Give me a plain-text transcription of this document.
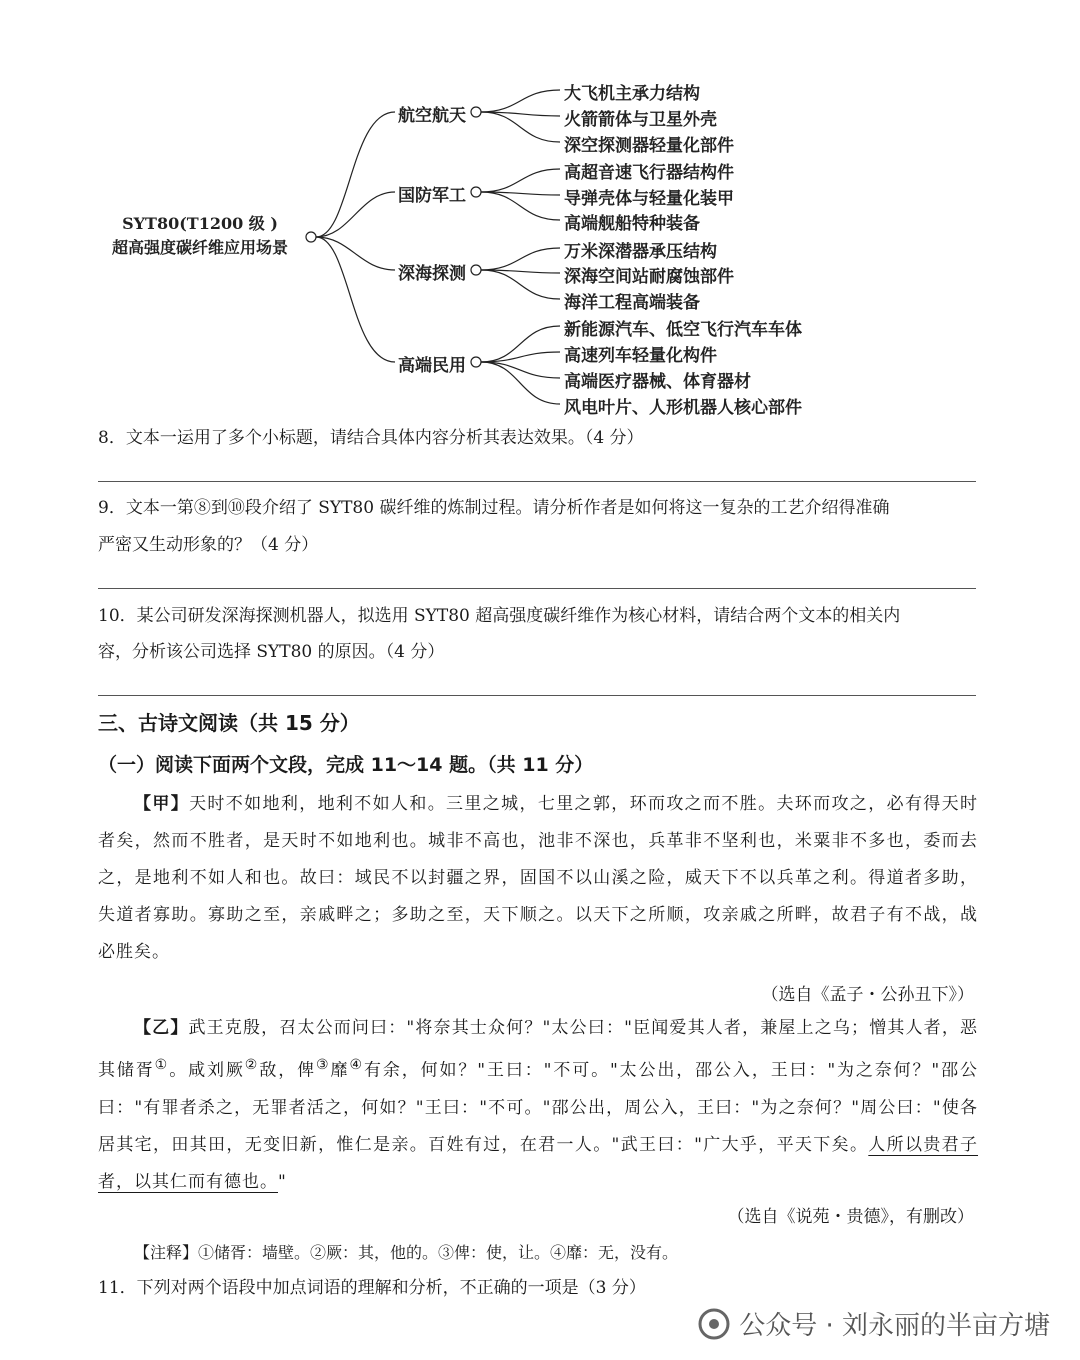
SYT80(T1200 级 )
超高强度碳纤维应用场景
航空航天
国防军工
深海探测
高端民用
大飞机主承力结构
火箭箭体与卫星外壳
深空探测器轻量化部件
高超音速飞行器结构件
导弹壳体与轻量化装甲
高端舰船特种装备
万米深潜器承压结构
深海空间站耐腐蚀部件
海洋工程高端装备
新能源汽车、低空飞行汽车车体
高速列车轻量化构件
高端医疗器械、体育器材
风电叶片、人形机器人核心部件
8．文本一运用了多个小标题，请结合具体内容分析其表达效果。（4 分）
9．文本一第⑧到⑩段介绍了 SYT80 碳纤维的炼制过程。请分析作者是如何将这一复杂的工艺介绍得准确
严密又生动形象的？（4 分）
10．某公司研发深海探测机器人，拟选用 SYT80 超高强度碳纤维作为核心材料，请结合两个文本的相关内
容，分析该公司选择 SYT80 的原因。（4 分）
三、古诗文阅读（共 15 分）
（一）阅读下面两个文段，完成 11～14 题。（共 11 分）

【甲】天时不如地利，地利不如人和。三里之城，七里之郭，环而攻之而不胜。夫环而攻之，必有得天时者矣，然而不胜者，是天时不如地利也。城非不高也，池非不深也，兵革非不坚利也，米粟非不多也，委而去之，是地利不如人和也。故曰：域民不以封疆之界，固国不以山溪之险，威天下不以兵革之利。得道者多助，失道者寡助。寡助之至，亲戚畔之；多助之至，天下顺之。以天下之所顺，攻亲戚之所畔，故君子有不战，战必胜矣。

（选自《孟子・公孙丑下》）

【乙】武王克殷，召太公而问曰："将奈其士众何？"太公曰："臣闻爱其人者，兼屋上之乌；憎其人者，恶其储胥①。咸刘厥②敌，俾③靡④有余，何如？"王曰："不可。"太公出，邵公入，王曰："为之奈何？"邵公曰："有罪者杀之，无罪者活之，何如？"王曰："不可。"邵公出，周公入，王曰："为之奈何？"周公曰："使各居其宅，田其田，无变旧新，惟仁是亲。百姓有过，在君一人。"武王曰："广大乎，平天下矣。人所以贵君子者，以其仁而有德也。"

（选自《说苑・贵德》，有删改）
【注释】①储胥：墙壁。②厥：其，他的。③俾：使，让。④靡：无，没有。
11．下列对两个语段中加点词语的理解和分析，不正确的一项是（3 分）
公众号 · 刘永丽的半亩方塘
